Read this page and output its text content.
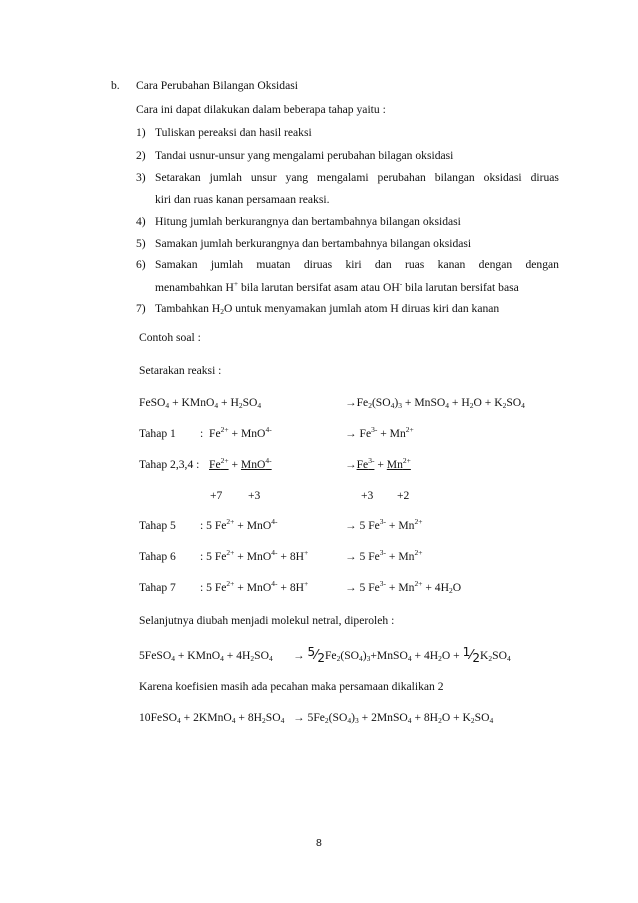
b. Cara Perubahan Bilangan Oksidasi
Cara ini dapat dilakukan dalam beberapa tahap yaitu :
1) Tuliskan pereaksi dan hasil reaksi
2) Tandai usnur-unsur yang mengalami perubahan bilagan oksidasi
3) Setarakan jumlah unsur yang mengalami perubahan bilangan oksidasi diruas
kiri dan ruas kanan persamaan reaksi.
4) Hitung jumlah berkurangnya dan bertambahnya bilangan oksidasi
5) Samakan jumlah berkurangnya dan bertambahnya bilangan oksidasi
6) Samakan jumlah muatan diruas kiri dan ruas kanan dengan dengan
menambahkan H+ bila larutan bersifat asam atau OH- bila larutan bersifat basa
7) Tambahkan $H_2O$ untuk menyamakan jumlah atom H diruas kiri dan kanan
Contoh soal :
Setarakan reaksi :
FeSO$_4$ + KMnO$_4$ + $H_2SO_4$	$\to Fe_2(SO_4)_3$ + MnSO$_4$ + $H_2O + K_2SO_4$
Tahap 1 :  $Fe^{2+} + MnO^{4-}$	→ $Fe^{3-} + Mn^{2+}$
Tahap 2,3,4 : $Fe^{2+} + MnO^{4-}$	$\to Fe^{3-} + Mn^{2+}$
+7 +3	+3 +2
Tahap 5 : 5 $Fe^{2+} + MnO^{4-}$	→ 5 $Fe^{3-} + Mn^{2+}$
Tahap 6 : 5 $Fe^{2+} + MnO^{4-} + 8H^+$	→ 5 $Fe^{3-} + Mn^{2+}$
Tahap 7 : 5 $Fe^{2+} + MnO^{4-} + 8H^+$	→ 5 $Fe^{3-} + Mn^{2+} + 4H_2O$
Selanjutnya diubah menjadi molekul netral, diperoleh :
5FeSO$_4$ + KMnO$_4$ + $4H_2SO_4$       → $5⁄2Fe_2(SO_4)_3+MnSO_4 + 4H_2O$ + $1⁄2K_2SO_4$
Karena koefisien masih ada pecahan maka persamaan dikalikan 2
10FeSO$_4$ + 2KMnO$_4$ + $8H_2SO_4 \to 5Fe_2(SO_4)_3$ + 2MnSO$_4$ + $8H_2O + K_2SO_4$
8
